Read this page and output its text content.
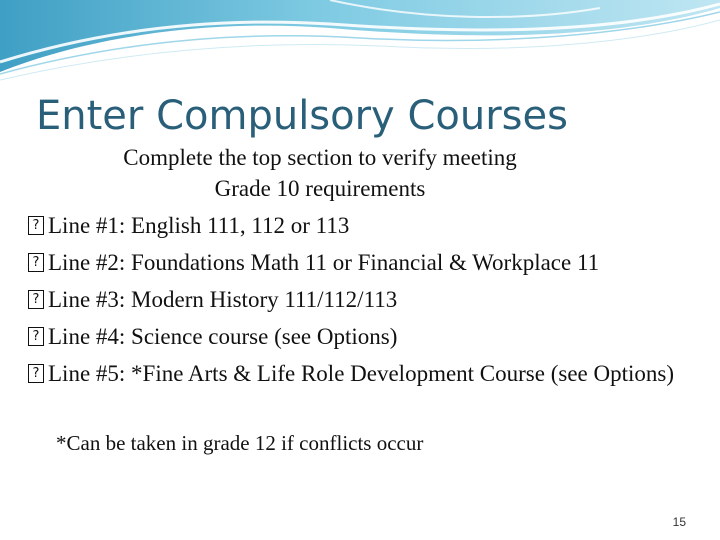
Enter Compulsory Courses
Complete the top section to verify meeting
Grade 10 requirements
? Line #1: English 111, 112 or 113
? Line #2: Foundations Math 11 or Financial & Workplace 11
? Line #3: Modern History 111/112/113
? Line #4: Science course (see Options)
? Line #5: *Fine Arts & Life Role Development Course (see Options)
*Can be taken in grade 12 if conflicts occur
15
